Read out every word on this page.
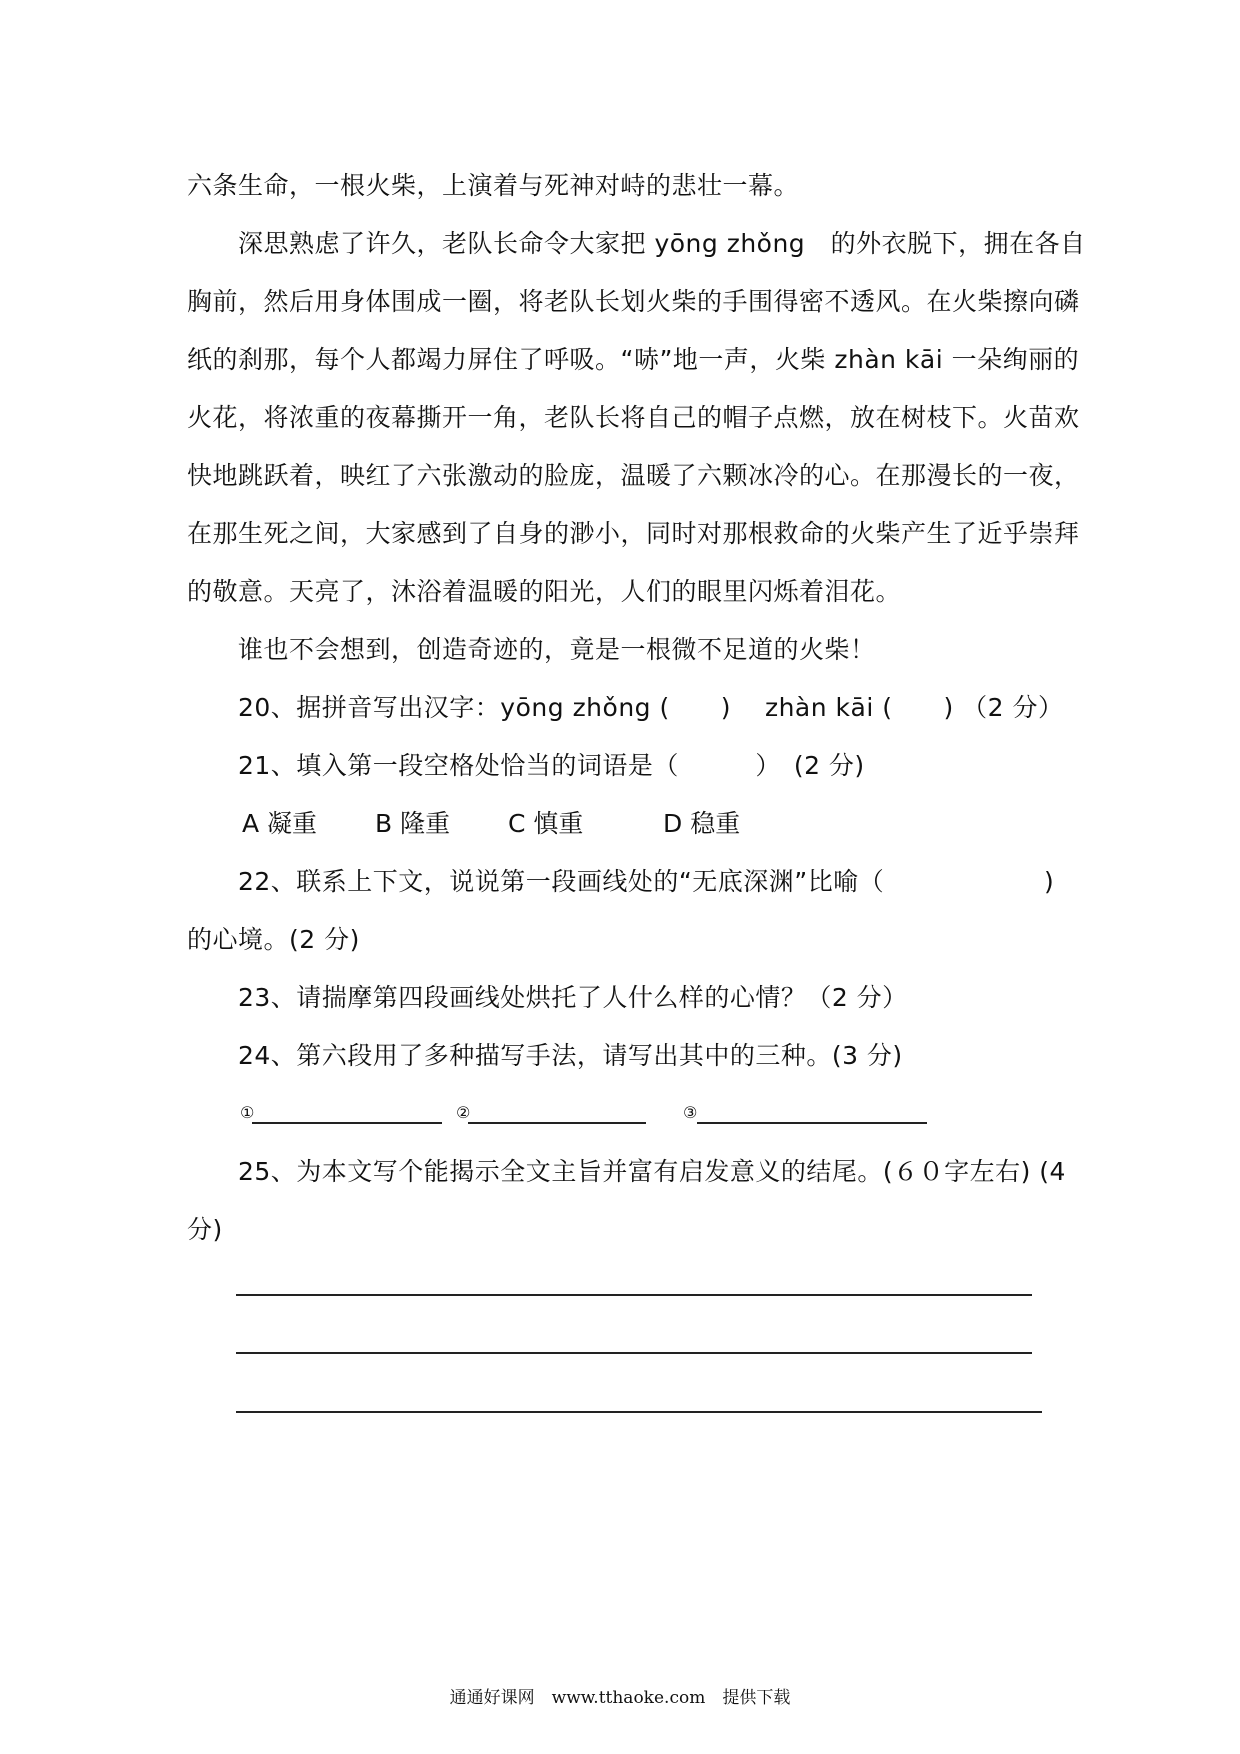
六条生命，一根火柴，上演着与死神对峙的悲壮一幕。
深思熟虑了许久，老队长命令大家把 yōng zhǒng　的外衣脱下，拥在各自
胸前，然后用身体围成一圈，将老队长划火柴的手围得密不透风。在火柴擦向磷
纸的刹那，每个人都竭力屏住了呼吸。“哧”地一声，火柴 zhàn kāi 一朵绚丽的
火花，将浓重的夜幕撕开一角，老队长将自己的帽子点燃，放在树枝下。火苗欢
快地跳跃着，映红了六张激动的脸庞，温暖了六颗冰冷的心。在那漫长的一夜，
在那生死之间，大家感到了自身的渺小，同时对那根救命的火柴产生了近乎崇拜
的敬意。天亮了，沐浴着温暖的阳光，人们的眼里闪烁着泪花。
谁也不会想到，创造奇迹的，竟是一根微不足道的火柴！
20、据拼音写出汉字：yōng zhǒng (　　)　 zhàn kāi (　　) （2 分）
21、填入第一段空格处恰当的词语是（　　　）　(2 分)
A 凝重 B 隆重 C 慎重	D 稳重
22、联系上下文，说说第一段画线处的“无底深渊”比喻（	)
的心境。(2 分)
23、请揣摩第四段画线处烘托了人什么样的心情？（2 分）
24、第六段用了多种描写手法，请写出其中的三种。(3 分)
①	②	③
25、为本文写个能揭示全文主旨并富有启发意义的结尾。(６０字左右) (4
分)
通通好课网　www.tthaoke.com　提供下载
